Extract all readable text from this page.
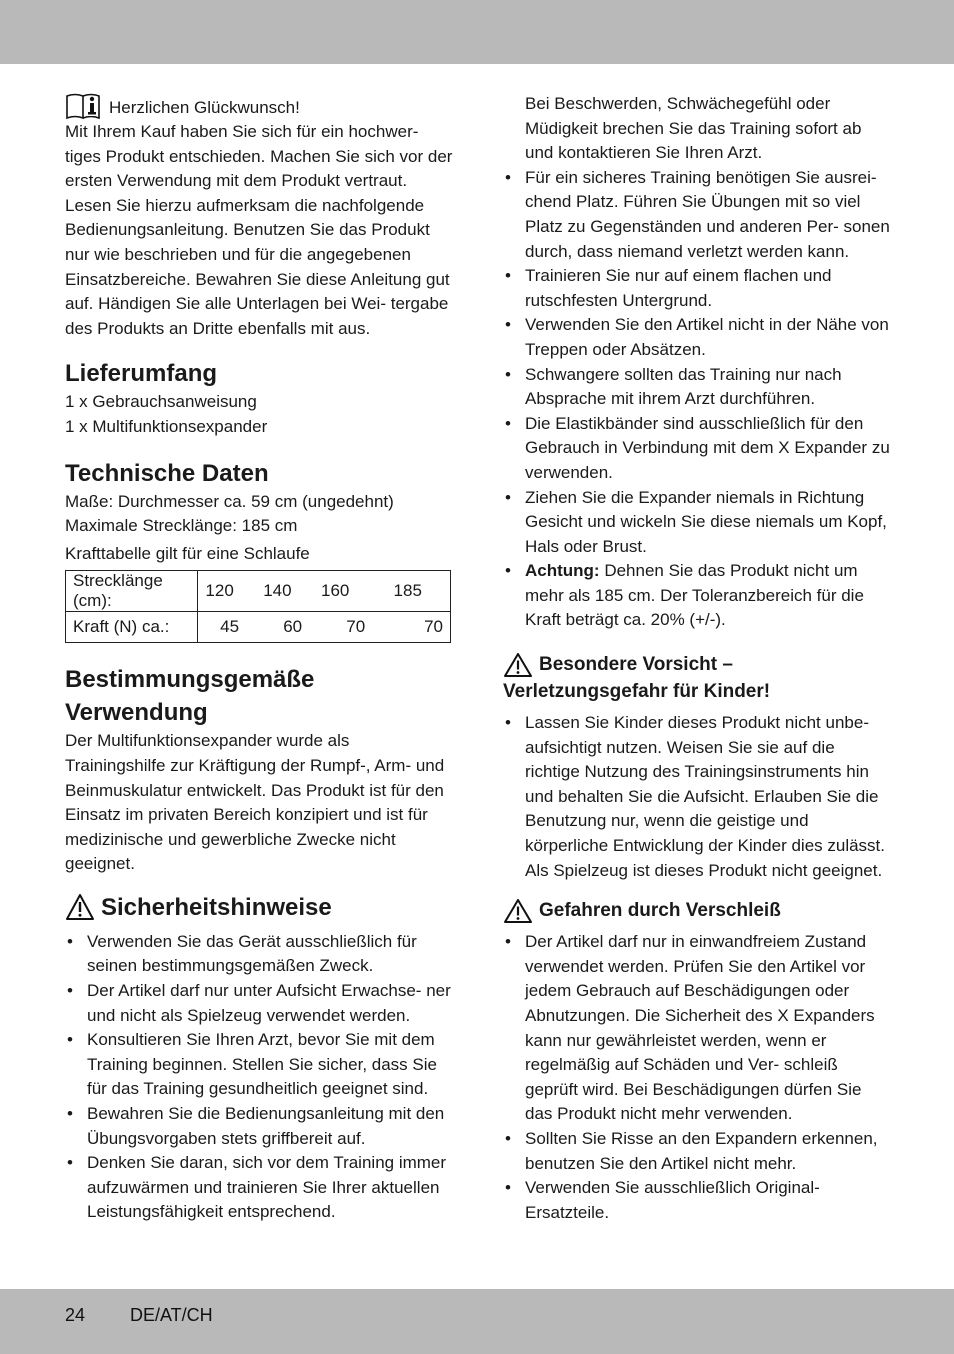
Herzlichen Glückwunsch!

Mit Ihrem Kauf haben Sie sich für ein hochwer- tiges Produkt entschieden. Machen Sie sich vor der ersten Verwendung mit dem Produkt vertraut. Lesen Sie hierzu aufmerksam die nachfolgende Bedienungsanleitung. Benutzen Sie das Produkt nur wie beschrieben und für die angegebenen Einsatzbereiche. Bewahren Sie diese Anleitung gut auf. Händigen Sie alle Unterlagen bei Wei- tergabe des Produkts an Dritte ebenfalls mit aus.

Lieferumfang

1 x Gebrauchsanweisung

1 x Multifunktionsexpander

Technische Daten

Maße: Durchmesser ca. 59 cm (ungedehnt)

Maximale Strecklänge: 185 cm

Krafttabelle gilt für eine Schlaufe

Strecklänge (cm):	120  140  160   185
Kraft (N) ca.:	45   60   70    70
Bestimmungsgemäße
Verwendung

Der Multifunktionsexpander wurde als Trainingshilfe zur Kräftigung der Rumpf-, Arm- und Beinmuskulatur entwickelt. Das Produkt ist für den Einsatz im privaten Bereich konzipiert und ist für medizinische und gewerbliche Zwecke nicht geeignet.

Sicherheitshinweise
• Verwenden Sie das Gerät ausschließlich für seinen bestimmungsgemäßen Zweck.
• Der Artikel darf nur unter Aufsicht Erwachse- ner und nicht als Spielzeug verwendet werden.
• Konsultieren Sie Ihren Arzt, bevor Sie mit dem Training beginnen. Stellen Sie sicher, dass Sie für das Training gesundheitlich geeignet sind.
• Bewahren Sie die Bedienungsanleitung mit den Übungsvorgaben stets griffbereit auf.
• Denken Sie daran, sich vor dem Training immer aufzuwärmen und trainieren Sie Ihrer aktuellen Leistungsfähigkeit entsprechend.

Bei Beschwerden, Schwächegefühl oder Müdigkeit brechen Sie das Training sofort ab und kontaktieren Sie Ihren Arzt.

• Für ein sicheres Training benötigen Sie ausrei- chend Platz. Führen Sie Übungen mit so viel Platz zu Gegenständen und anderen Per- sonen durch, dass niemand verletzt werden kann.
• Trainieren Sie nur auf einem flachen und rutschfesten Untergrund.
• Verwenden Sie den Artikel nicht in der Nähe von Treppen oder Absätzen.
• Schwangere sollten das Training nur nach Absprache mit ihrem Arzt durchführen.
• Die Elastikbänder sind ausschließlich für den Gebrauch in Verbindung mit dem X Expander zu verwenden.
• Ziehen Sie die Expander niemals in Richtung Gesicht und wickeln Sie diese niemals um Kopf, Hals oder Brust.
• Achtung: Dehnen Sie das Produkt nicht um mehr als 185 cm. Der Toleranzbereich für die Kraft beträgt ca. 20% (+/-).
Besondere Vorsicht –
Verletzungsgefahr für Kinder!
• Lassen Sie Kinder dieses Produkt nicht unbe- aufsichtigt nutzen. Weisen Sie sie auf die richtige Nutzung des Trainingsinstruments hin und behalten Sie die Aufsicht. Erlauben Sie die Benutzung nur, wenn die geistige und körperliche Entwicklung der Kinder dies zulässt. Als Spielzeug ist dieses Produkt nicht geeignet.
Gefahren durch Verschleiß
• Der Artikel darf nur in einwandfreiem Zustand verwendet werden. Prüfen Sie den Artikel vor jedem Gebrauch auf Beschädigungen oder Abnutzungen. Die Sicherheit des X Expanders kann nur gewährleistet werden, wenn er regelmäßig auf Schäden und Ver- schleiß geprüft wird. Bei Beschädigungen dürfen Sie das Produkt nicht mehr verwenden.
• Sollten Sie Risse an den Expandern erkennen, benutzen Sie den Artikel nicht mehr.
• Verwenden Sie ausschließlich Original- Ersatzteile.
24 DE/AT/CH
